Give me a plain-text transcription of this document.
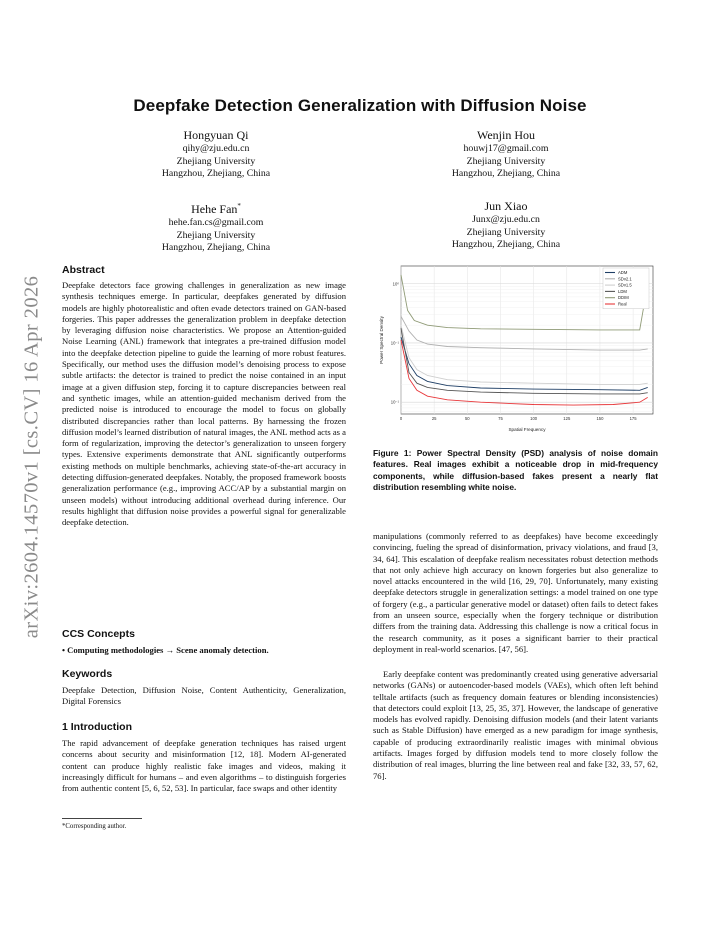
arXiv:2604.14570v1 [cs.CV] 16 Apr 2026
Deepfake Detection Generalization with Diffusion Noise
Hongyuan Qi
qihy@zju.edu.cn
Zhejiang University
Hangzhou, Zhejiang, China
Wenjin Hou
houwj17@gmail.com
Zhejiang University
Hangzhou, Zhejiang, China
Hehe Fan*
hehe.fan.cs@gmail.com
Zhejiang University
Hangzhou, Zhejiang, China
Jun Xiao
Junx@zju.edu.cn
Zhejiang University
Hangzhou, Zhejiang, China
Abstract
Deepfake detectors face growing challenges in generalization as new image synthesis techniques emerge. In particular, deepfakes generated by diffusion models are highly photorealistic and often evade detectors trained on GAN-based forgeries. This paper addresses the generalization problem in deepfake detection by leveraging diffusion noise characteristics. We propose an Attention-guided Noise Learning (ANL) framework that integrates a pre-trained diffusion model into the deepfake detection pipeline to guide the learning of more robust features. Specifically, our method uses the diffusion model’s denoising process to expose subtle artifacts: the detector is trained to predict the noise contained in an input image at a given diffusion step, forcing it to capture discrepancies between real and synthetic images, while an attention-guided mechanism derived from the predicted noise is introduced to encourage the model to focus on globally distributed discrepancies rather than local patterns. By harnessing the frozen diffusion model’s learned distribution of natural images, the ANL method acts as a form of regularization, improving the detector’s generalization to unseen forgery types. Extensive experiments demonstrate that ANL significantly outperforms existing methods on multiple benchmarks, achieving state-of-the-art accuracy in detecting diffusion-generated deepfakes. Notably, the proposed framework boosts generalization performance (e.g., improving ACC/AP by a substantial margin on unseen models) without introducing additional overhead during inference. Our results highlight that diffusion noise provides a powerful signal for generalizable deepfake detection.
CCS Concepts
• Computing methodologies → Scene anomaly detection.
Keywords
Deepfake Detection, Diffusion Noise, Content Authenticity, Generalization, Digital Forensics
1 Introduction
The rapid advancement of deepfake generation techniques has raised urgent concerns about security and misinformation [12, 18]. Modern AI-generated content can produce highly realistic fake images and videos, making it increasingly difficult for humans – and even algorithms – to distinguish forgeries from authentic content [5, 6, 52, 53]. In particular, face swaps and other identity
*Corresponding author.
0	25	50	75	100	125	150	175
10⁰
10⁻¹
10⁻¹
Spatial Frequency
Power Spectral Density
ADM
SDv2.1
SDv1.5
LDM
DDIM
Real
Figure 1: Power Spectral Density (PSD) analysis of noise domain features. Real images exhibit a noticeable drop in mid-frequency components, while diffusion-based fakes present a nearly flat distribution resembling white noise.
manipulations (commonly referred to as deepfakes) have become exceedingly convincing, fueling the spread of disinformation, privacy violations, and fraud [3, 34, 64]. This escalation of deepfake realism necessitates robust detection methods that not only achieve high accuracy on known forgeries but also generalize to novel attacks encountered in the wild [16, 29, 70]. Unfortunately, many existing deepfake detectors struggle in generalization settings: a model trained on one type of forgery (e.g., a particular generative model or dataset) often fails to detect fakes from an unseen source, especially when the forgery technique or distribution differs from the training data. Addressing this challenge is now a critical focus in the research community, as it poses a significant barrier to their practical deployment in real-world scenarios. [47, 56].
Early deepfake content was predominantly created using generative adversarial networks (GANs) or autoencoder-based models (VAEs), which often left behind telltale artifacts (such as frequency domain features or blending inconsistencies) that detectors could exploit [13, 25, 35, 37]. However, the landscape of generative models has evolved rapidly. Denoising diffusion models (and their latent variants such as Stable Diffusion) have emerged as a new paradigm for image synthesis, capable of producing extraordinarily realistic images with minimal obvious artifacts. Images forged by diffusion models tend to more closely follow the distribution of real images, blurring the line between real and fake [32, 33, 57, 62, 76].
